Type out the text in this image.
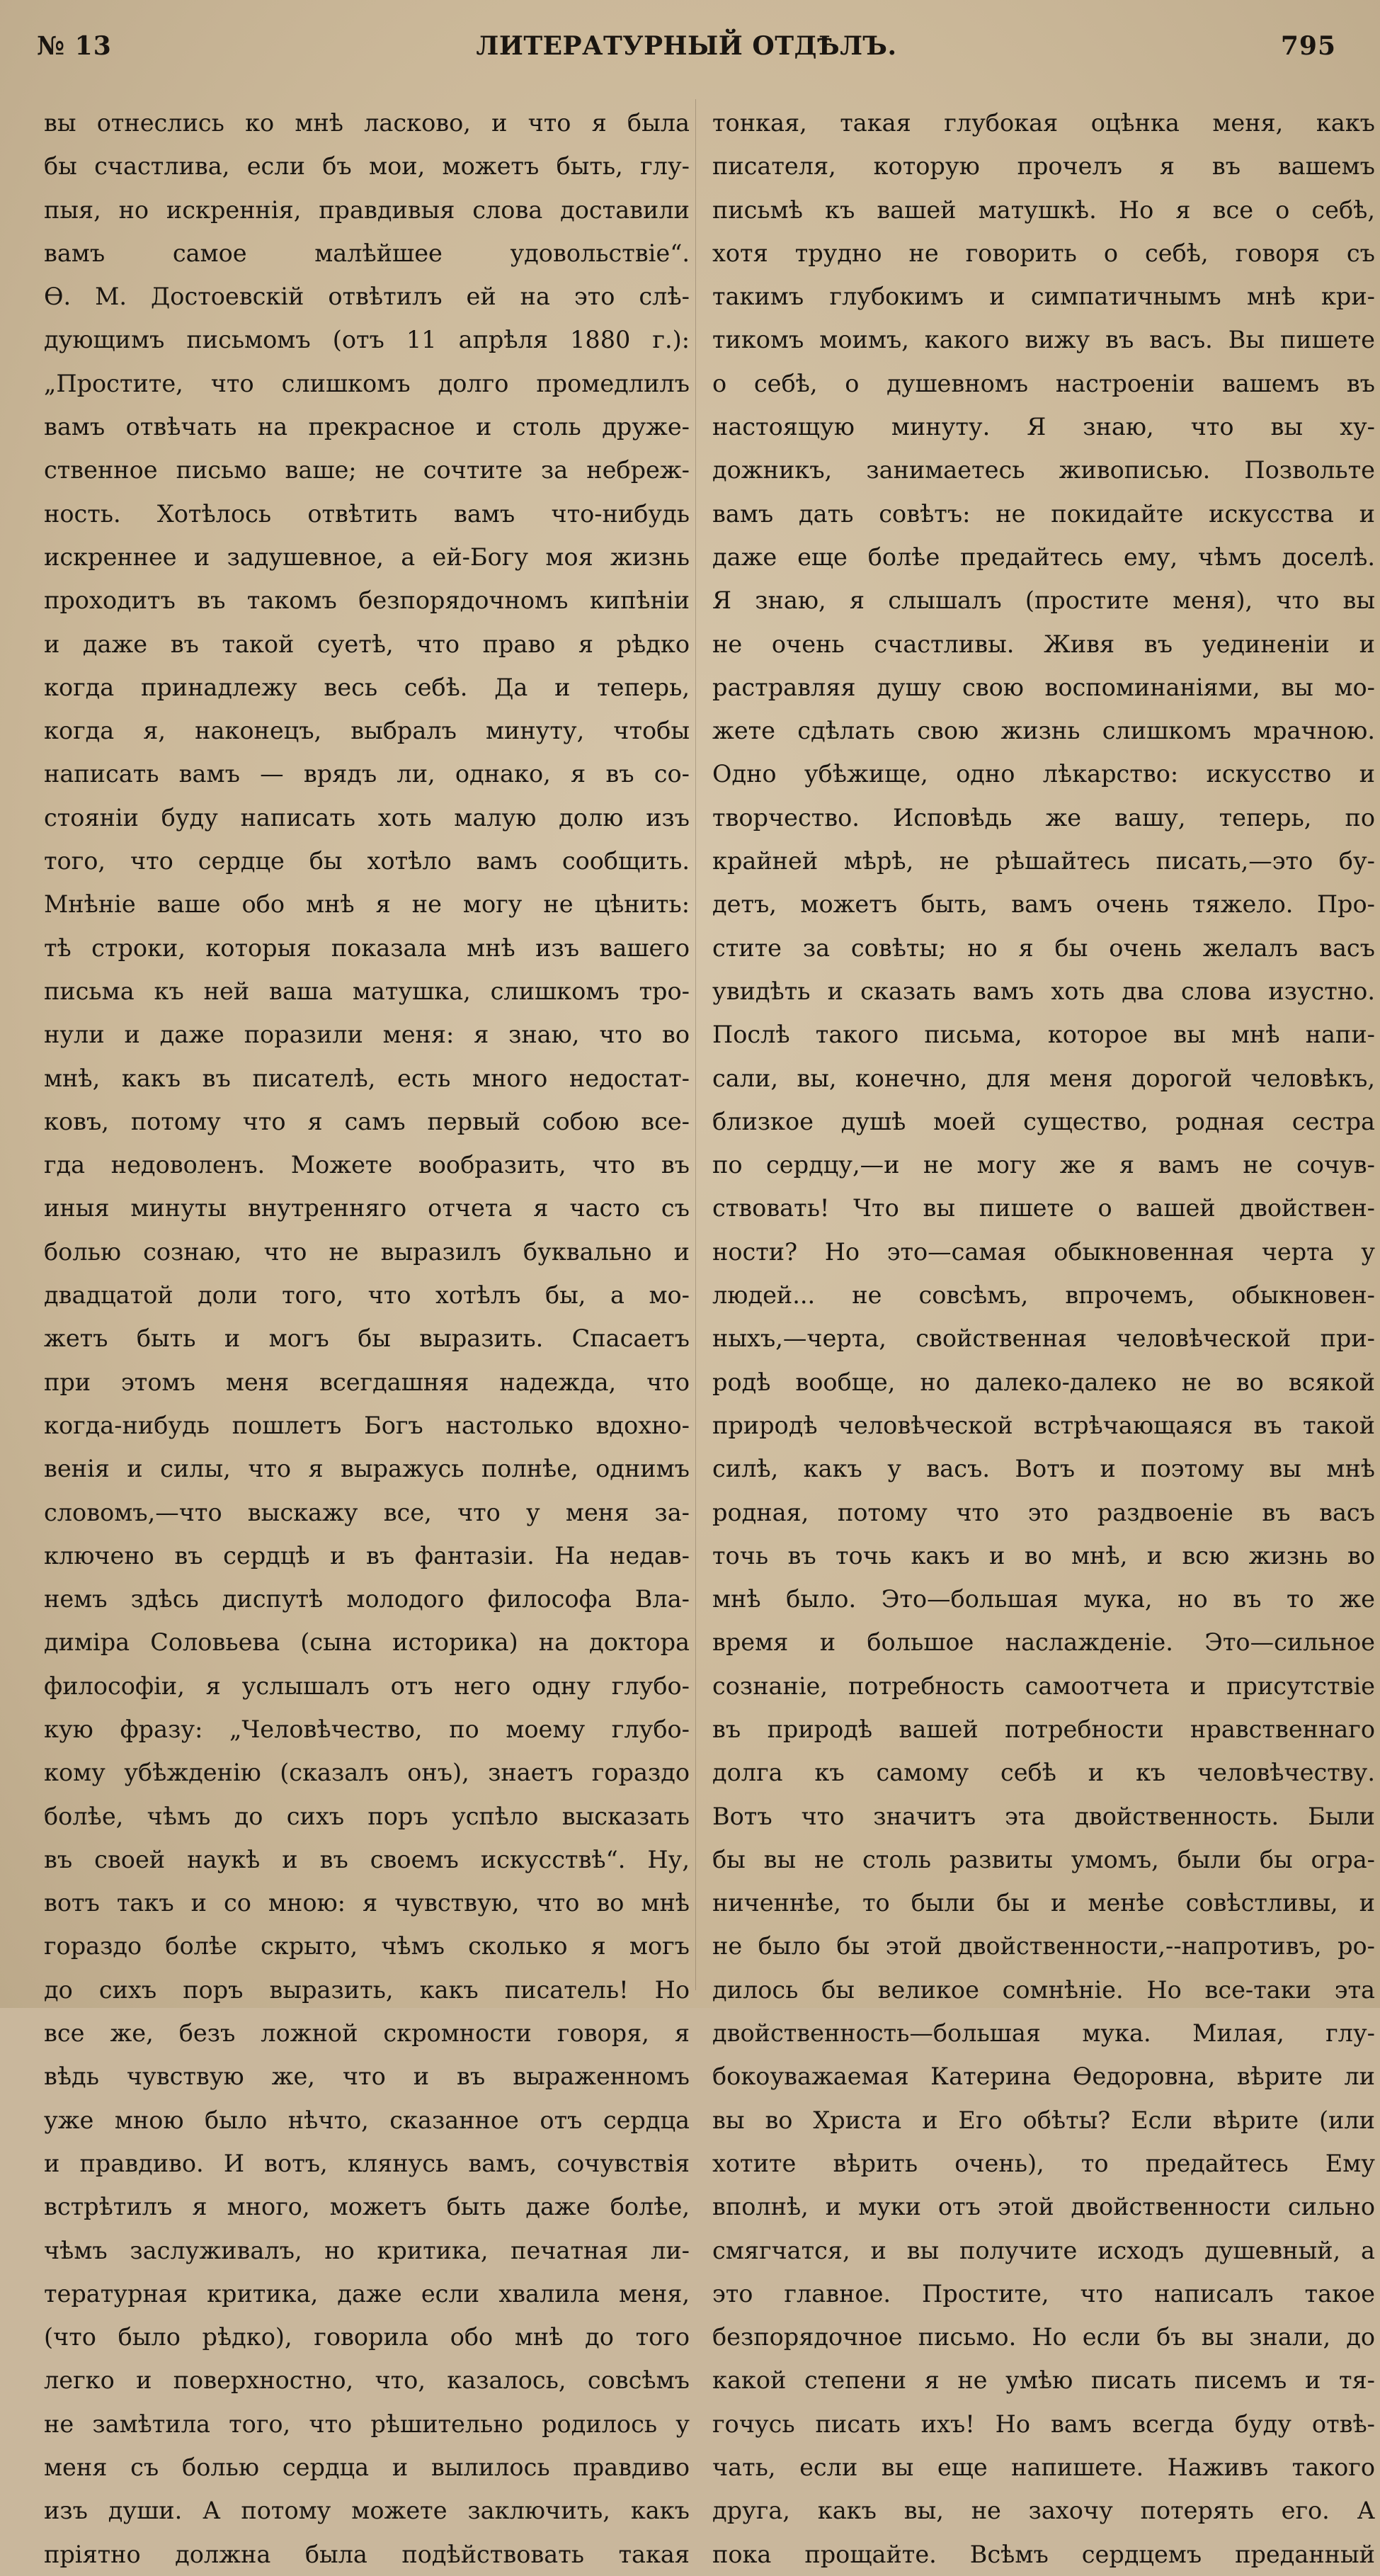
№ 13	ЛИТЕРАТУРНЫЙ ОТДѢЛЪ.	795
вы отнеслись ко мнѣ ласково, и что я была
бы счастлива, если бъ мои, можетъ быть, глу-
пыя, но искреннія, правдивыя слова доставили
вамъ самое малѣйшее удовольствіе“.
Ѳ. М. Достоевскій отвѣтилъ ей на это слѣ-
дующимъ письмомъ (отъ 11 апрѣля 1880 г.):
„Простите, что слишкомъ долго промедлилъ
вамъ отвѣчать на прекрасное и столь друже-
ственное письмо ваше; не сочтите за небреж-
ность. Хотѣлось отвѣтить вамъ что-нибудь
искреннее и задушевное, а ей-Богу моя жизнь
проходитъ въ такомъ безпорядочномъ кипѣніи
и даже въ такой суетѣ, что право я рѣдко
когда принадлежу весь себѣ. Да и теперь,
когда я, наконецъ, выбралъ минуту, чтобы
написать вамъ — врядъ ли, однако, я въ со-
стояніи буду написать хоть малую долю изъ
того, что сердце бы хотѣло вамъ сообщить.
Мнѣніе ваше обо мнѣ я не могу не цѣнить:
тѣ строки, которыя показала мнѣ изъ вашего
письма къ ней ваша матушка, слишкомъ тро-
нули и даже поразили меня: я знаю, что во
мнѣ, какъ въ писателѣ, есть много недостат-
ковъ, потому что я самъ первый собою все-
гда недоволенъ. Можете вообразить, что въ
иныя минуты внутренняго отчета я часто съ
болью сознаю, что не выразилъ буквально и
двадцатой доли того, что хотѣлъ бы, а мо-
жетъ быть и могъ бы выразить. Спасаетъ
при этомъ меня всегдашняя надежда, что
когда-нибудь пошлетъ Богъ настолько вдохно-
венія и силы, что я выражусь полнѣе, однимъ
словомъ,—что выскажу все, что у меня за-
ключено въ сердцѣ и въ фантазіи. На недав-
немъ здѣсь диспутѣ молодого философа Вла-
диміра Соловьева (сына историка) на доктора
философіи, я услышалъ отъ него одну глубо-
кую фразу: „Человѣчество, по моему глубо-
кому убѣжденію (сказалъ онъ), знаетъ гораздо
болѣе, чѣмъ до сихъ поръ успѣло высказать
въ своей наукѣ и въ своемъ искусствѣ“. Ну,
вотъ такъ и со мною: я чувствую, что во мнѣ
гораздо болѣе скрыто, чѣмъ сколько я могъ
до сихъ поръ выразить, какъ писатель! Но
все же, безъ ложной скромности говоря, я
вѣдь чувствую же, что и въ выраженномъ
уже мною было нѣчто, сказанное отъ сердца
и правдиво. И вотъ, клянусь вамъ, сочувствія
встрѣтилъ я много, можетъ быть даже болѣе,
чѣмъ заслуживалъ, но критика, печатная ли-
тературная критика, даже если хвалила меня,
(что было рѣдко), говорила обо мнѣ до того
легко и поверхностно, что, казалось, совсѣмъ
не замѣтила того, что рѣшительно родилось у
меня съ болью сердца и вылилось правдиво
изъ души. А потому можете заключить, какъ
пріятно должна была подѣйствовать такая
тонкая, такая глубокая оцѣнка меня, какъ
писателя, которую прочелъ я въ вашемъ
письмѣ къ вашей матушкѣ. Но я все о себѣ,
хотя трудно не говорить о себѣ, говоря съ
такимъ глубокимъ и симпатичнымъ мнѣ кри-
тикомъ моимъ, какого вижу въ васъ. Вы пишете
о себѣ, о душевномъ настроеніи вашемъ въ
настоящую минуту. Я знаю, что вы ху-
дожникъ, занимаетесь живописью. Позвольте
вамъ дать совѣтъ: не покидайте искусства и
даже еще болѣе предайтесь ему, чѣмъ доселѣ.
Я знаю, я слышалъ (простите меня), что вы
не очень счастливы. Живя въ уединеніи и
растравляя душу свою воспоминаніями, вы мо-
жете сдѣлать свою жизнь слишкомъ мрачною.
Одно убѣжище, одно лѣкарство: искусство и
творчество. Исповѣдь же вашу, теперь, по
крайней мѣрѣ, не рѣшайтесь писать,—это бу-
детъ, можетъ быть, вамъ очень тяжело. Про-
стите за совѣты; но я бы очень желалъ васъ
увидѣть и сказать вамъ хоть два слова изустно.
Послѣ такого письма, которое вы мнѣ напи-
сали, вы, конечно, для меня дорогой человѣкъ,
близкое душѣ моей существо, родная сестра
по сердцу,—и не могу же я вамъ не сочув-
ствовать! Что вы пишете о вашей двойствен-
ности? Но это—самая обыкновенная черта у
людей... не совсѣмъ, впрочемъ, обыкновен-
ныхъ,—черта, свойственная человѣческой при-
родѣ вообще, но далеко-далеко не во всякой
природѣ человѣческой встрѣчающаяся въ такой
силѣ, какъ у васъ. Вотъ и поэтому вы мнѣ
родная, потому что это раздвоеніе въ васъ
точь въ точь какъ и во мнѣ, и всю жизнь во
мнѣ было. Это—большая мука, но въ то же
время и большое наслажденіе. Это—сильное
сознаніе, потребность самоотчета и присутствіе
въ природѣ вашей потребности нравственнаго
долга къ самому себѣ и къ человѣчеству.
Вотъ что значитъ эта двойственность. Были
бы вы не столь развиты умомъ, были бы огра-
ниченнѣе, то были бы и менѣе совѣстливы, и
не было бы этой двойственности,--напротивъ, ро-
дилось бы великое сомнѣніе. Но все-таки эта
двойственность—большая мука. Милая, глу-
бокоуважаемая Катерина Ѳедоровна, вѣрите ли
вы во Христа и Его обѣты? Если вѣрите (или
хотите вѣрить очень), то предайтесь Ему
вполнѣ, и муки отъ этой двойственности сильно
смягчатся, и вы получите исходъ душевный, а
это главное. Простите, что написалъ такое
безпорядочное письмо. Но если бъ вы знали, до
какой степени я не умѣю писать писемъ и тя-
гочусь писать ихъ! Но вамъ всегда буду отвѣ-
чать, если вы еще напишете. Наживъ такого
друга, какъ вы, не захочу потерять его. А
пока прощайте. Всѣмъ сердцемъ преданный
